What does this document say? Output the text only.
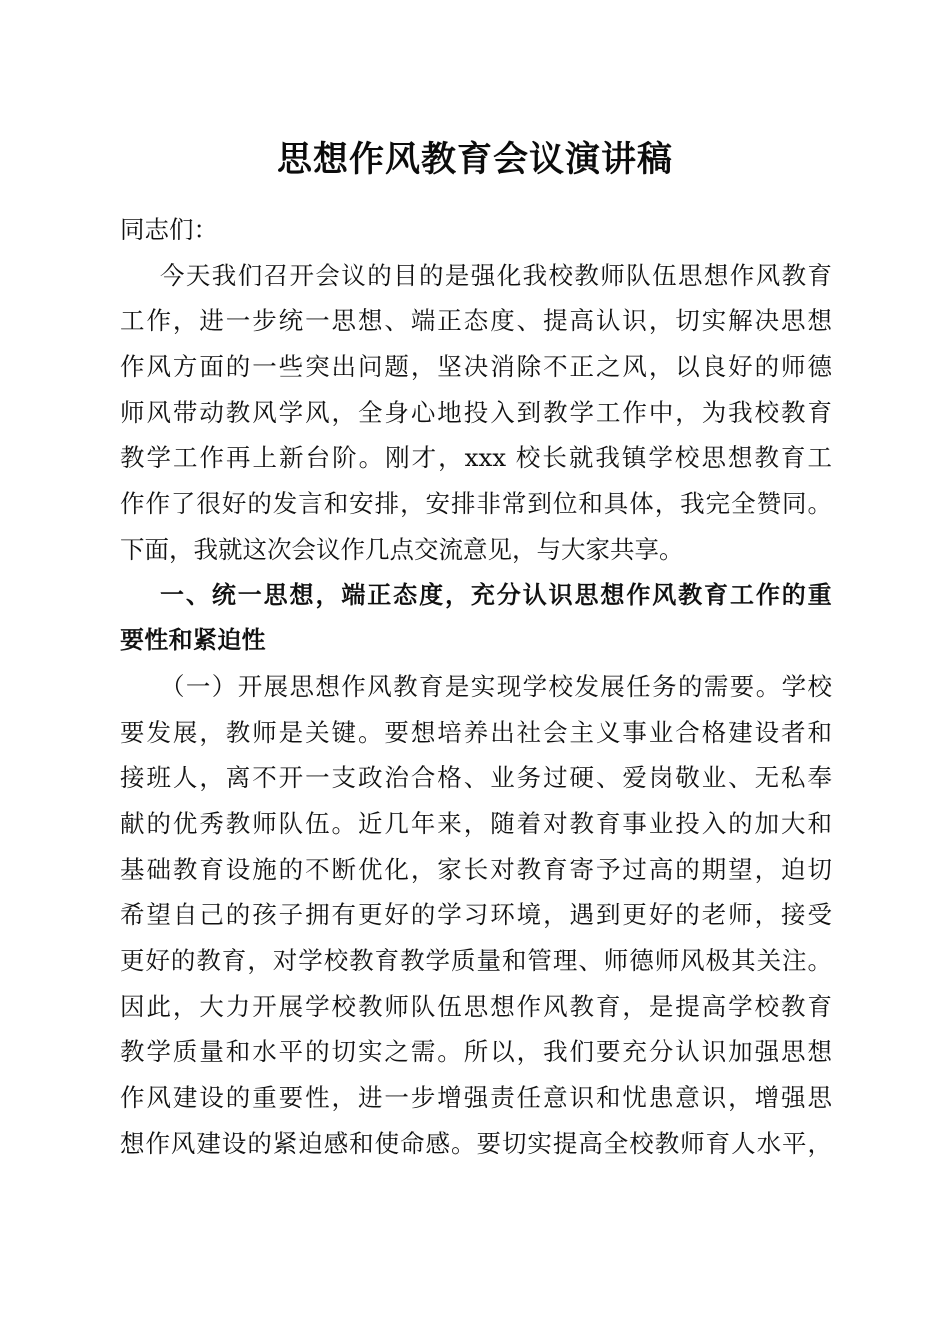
思想作风教育会议演讲稿
同志们：
今天我们召开会议的目的是强化我校教师队伍思想作风教育
工作，进一步统一思想、端正态度、提高认识，切实解决思想
作风方面的一些突出问题，坚决消除不正之风，以良好的师德
师风带动教风学风，全身心地投入到教学工作中，为我校教育
教学工作再上新台阶。刚才，xxx 校长就我镇学校思想教育工
作作了很好的发言和安排，安排非常到位和具体，我完全赞同。
下面，我就这次会议作几点交流意见，与大家共享。
一、统一思想，端正态度，充分认识思想作风教育工作的重
要性和紧迫性
（一）开展思想作风教育是实现学校发展任务的需要。学校
要发展，教师是关键。要想培养出社会主义事业合格建设者和
接班人，离不开一支政治合格、业务过硬、爱岗敬业、无私奉
献的优秀教师队伍。近几年来，随着对教育事业投入的加大和
基础教育设施的不断优化，家长对教育寄予过高的期望，迫切
希望自己的孩子拥有更好的学习环境，遇到更好的老师，接受
更好的教育，对学校教育教学质量和管理、师德师风极其关注。
因此，大力开展学校教师队伍思想作风教育，是提高学校教育
教学质量和水平的切实之需。所以，我们要充分认识加强思想
作风建设的重要性，进一步增强责任意识和忧患意识，增强思
想作风建设的紧迫感和使命感。要切实提高全校教师育人水平，
